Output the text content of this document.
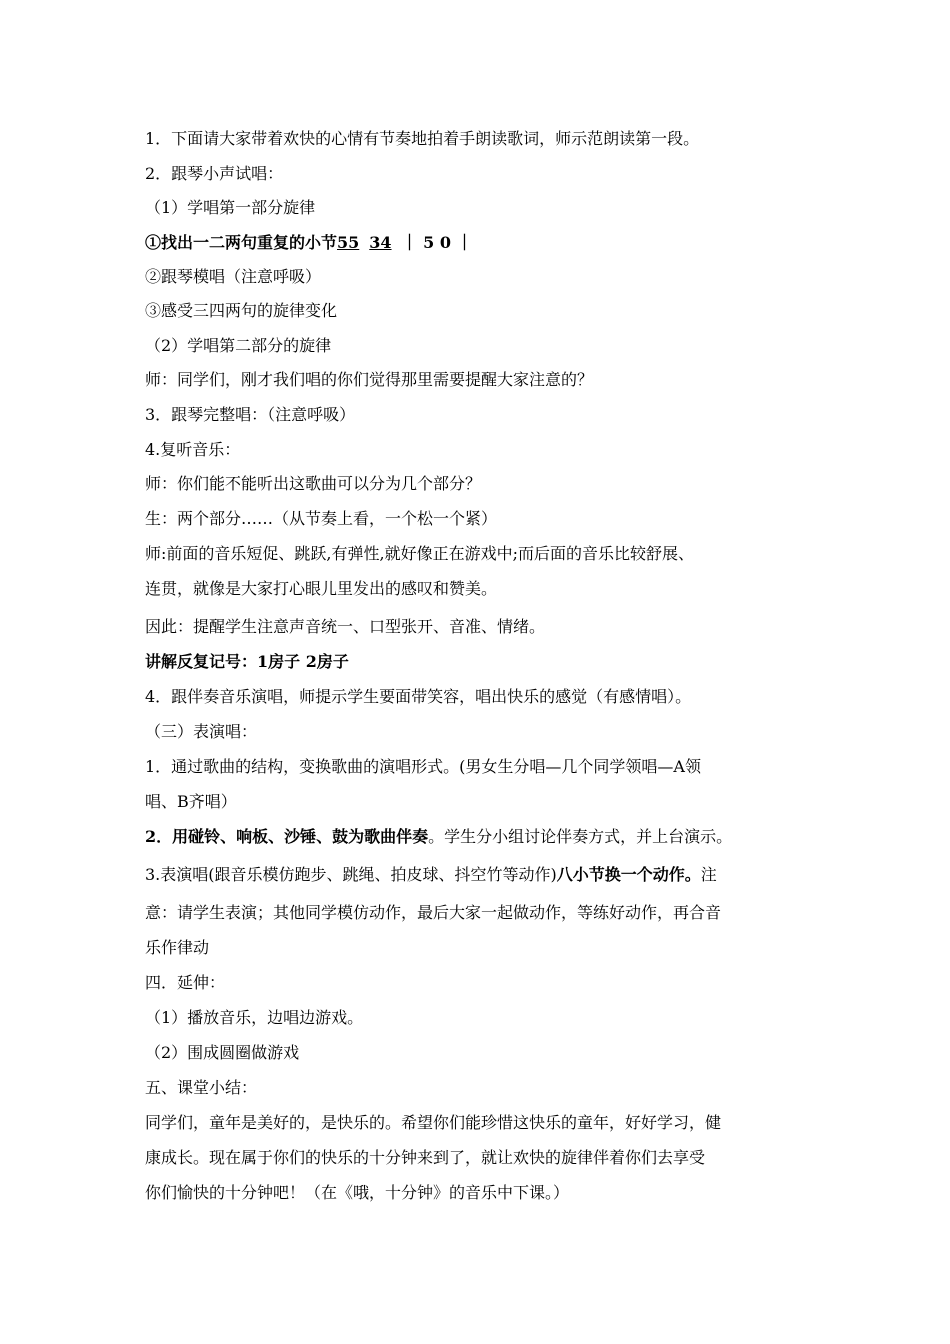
1．下面请大家带着欢快的心情有节奏地拍着手朗读歌词，师示范朗读第一段。
2．跟琴小声试唱：
（1）学唱第一部分旋律
①找出一二两句重复的小节55 34 ｜ 5 0 ｜
②跟琴模唱（注意呼吸）
③感受三四两句的旋律变化
（2）学唱第二部分的旋律
师：同学们，刚才我们唱的你们觉得那里需要提醒大家注意的？
3．跟琴完整唱：（注意呼吸）
4.复听音乐：
师：你们能不能听出这歌曲可以分为几个部分？
生：两个部分……（从节奏上看，一个松一个紧）
师:前面的音乐短促、跳跃,有弹性,就好像正在游戏中;而后面的音乐比较舒展、
连贯，就像是大家打心眼儿里发出的感叹和赞美。
因此：提醒学生注意声音统一、口型张开、音准、情绪。
讲解反复记号：1房子 2房子
4．跟伴奏音乐演唱，师提示学生要面带笑容，唱出快乐的感觉（有感情唱）。
（三）表演唱：
1．通过歌曲的结构，变换歌曲的演唱形式。(男女生分唱—几个同学领唱—A领
唱、B齐唱）
2．用碰铃、响板、沙锤、鼓为歌曲伴奏。学生分小组讨论伴奏方式，并上台演示。
3.表演唱(跟音乐模仿跑步、跳绳、拍皮球、抖空竹等动作)八小节换一个动作。注
意：请学生表演；其他同学模仿动作，最后大家一起做动作，等练好动作，再合音
乐作律动
四．延伸：
（1）播放音乐，边唱边游戏。
（2）围成圆圈做游戏
五、课堂小结：
同学们，童年是美好的，是快乐的。希望你们能珍惜这快乐的童年，好好学习，健
康成长。现在属于你们的快乐的十分钟来到了，就让欢快的旋律伴着你们去享受
你们愉快的十分钟吧！（在《哦，十分钟》的音乐中下课。）
